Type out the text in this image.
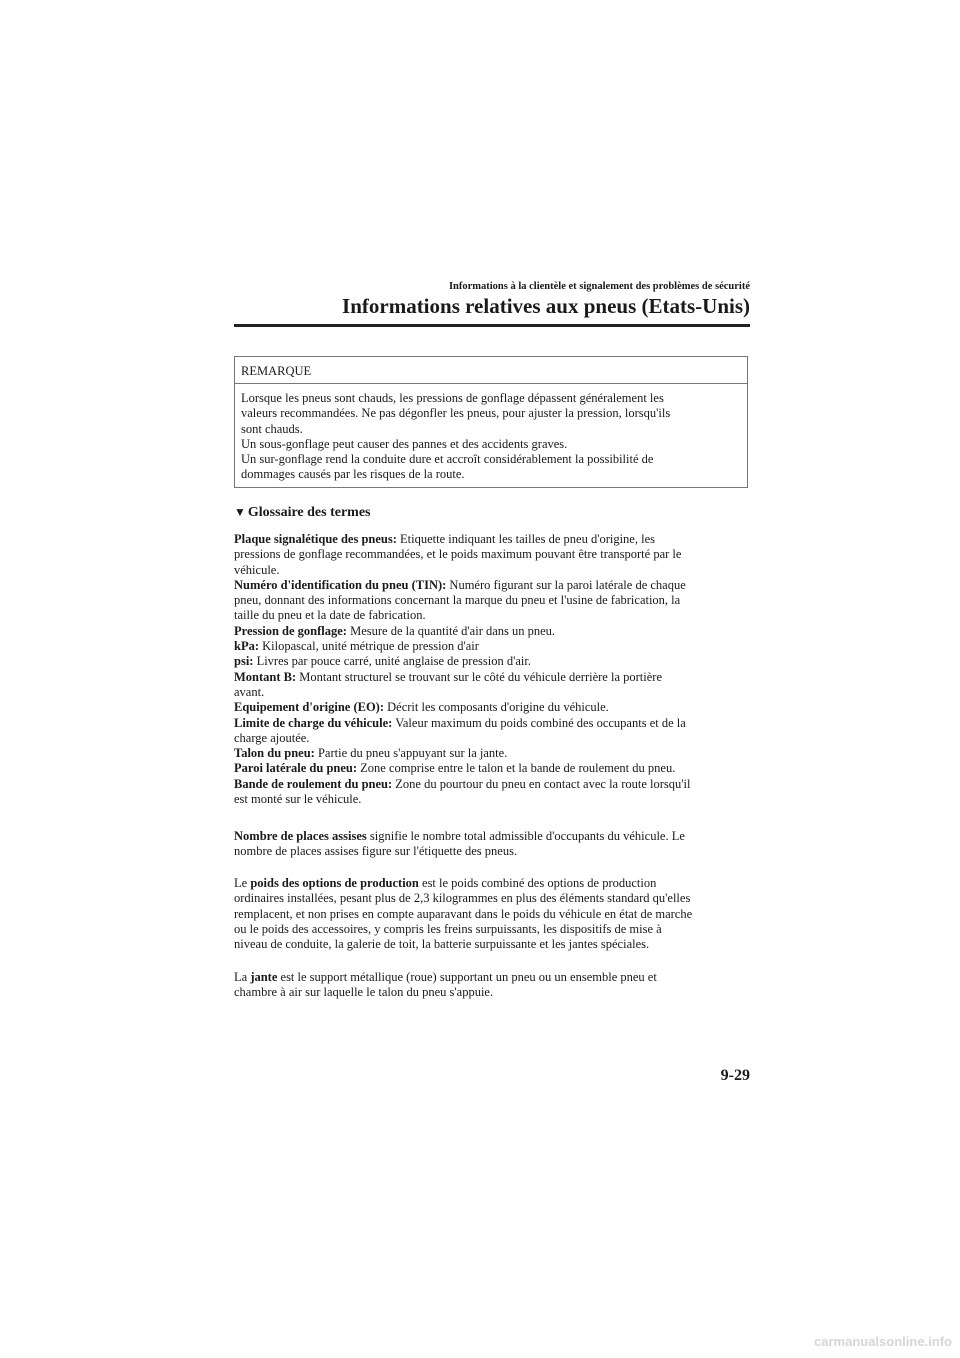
Informations à la clientèle et signalement des problèmes de sécurité
Informations relatives aux pneus (Etats-Unis)
REMARQUE
Lorsque les pneus sont chauds, les pressions de gonflage dépassent généralement les
valeurs recommandées. Ne pas dégonfler les pneus, pour ajuster la pression, lorsqu'ils
sont chauds.
Un sous-gonflage peut causer des pannes et des accidents graves.
Un sur-gonflage rend la conduite dure et accroît considérablement la possibilité de
dommages causés par les risques de la route.
▼ Glossaire des termes
Plaque signalétique des pneus: Etiquette indiquant les tailles de pneu d'origine, les
pressions de gonflage recommandées, et le poids maximum pouvant être transporté par le
véhicule.
Numéro d'identification du pneu (TIN): Numéro figurant sur la paroi latérale de chaque
pneu, donnant des informations concernant la marque du pneu et l'usine de fabrication, la
taille du pneu et la date de fabrication.
Pression de gonflage: Mesure de la quantité d'air dans un pneu.
kPa: Kilopascal, unité métrique de pression d'air
psi: Livres par pouce carré, unité anglaise de pression d'air.
Montant B: Montant structurel se trouvant sur le côté du véhicule derrière la portière
avant.
Equipement d'origine (EO): Décrit les composants d'origine du véhicule.
Limite de charge du véhicule: Valeur maximum du poids combiné des occupants et de la
charge ajoutée.
Talon du pneu: Partie du pneu s'appuyant sur la jante.
Paroi latérale du pneu: Zone comprise entre le talon et la bande de roulement du pneu.
Bande de roulement du pneu: Zone du pourtour du pneu en contact avec la route lorsqu'il
est monté sur le véhicule.
Nombre de places assises signifie le nombre total admissible d'occupants du véhicule. Le
nombre de places assises figure sur l'étiquette des pneus.
Le poids des options de production est le poids combiné des options de production
ordinaires installées, pesant plus de 2,3 kilogrammes en plus des éléments standard qu'elles
remplacent, et non prises en compte auparavant dans le poids du véhicule en état de marche
ou le poids des accessoires, y compris les freins surpuissants, les dispositifs de mise à
niveau de conduite, la galerie de toit, la batterie surpuissante et les jantes spéciales.
La jante est le support métallique (roue) supportant un pneu ou un ensemble pneu et
chambre à air sur laquelle le talon du pneu s'appuie.
9-29
carmanualsonline.info
